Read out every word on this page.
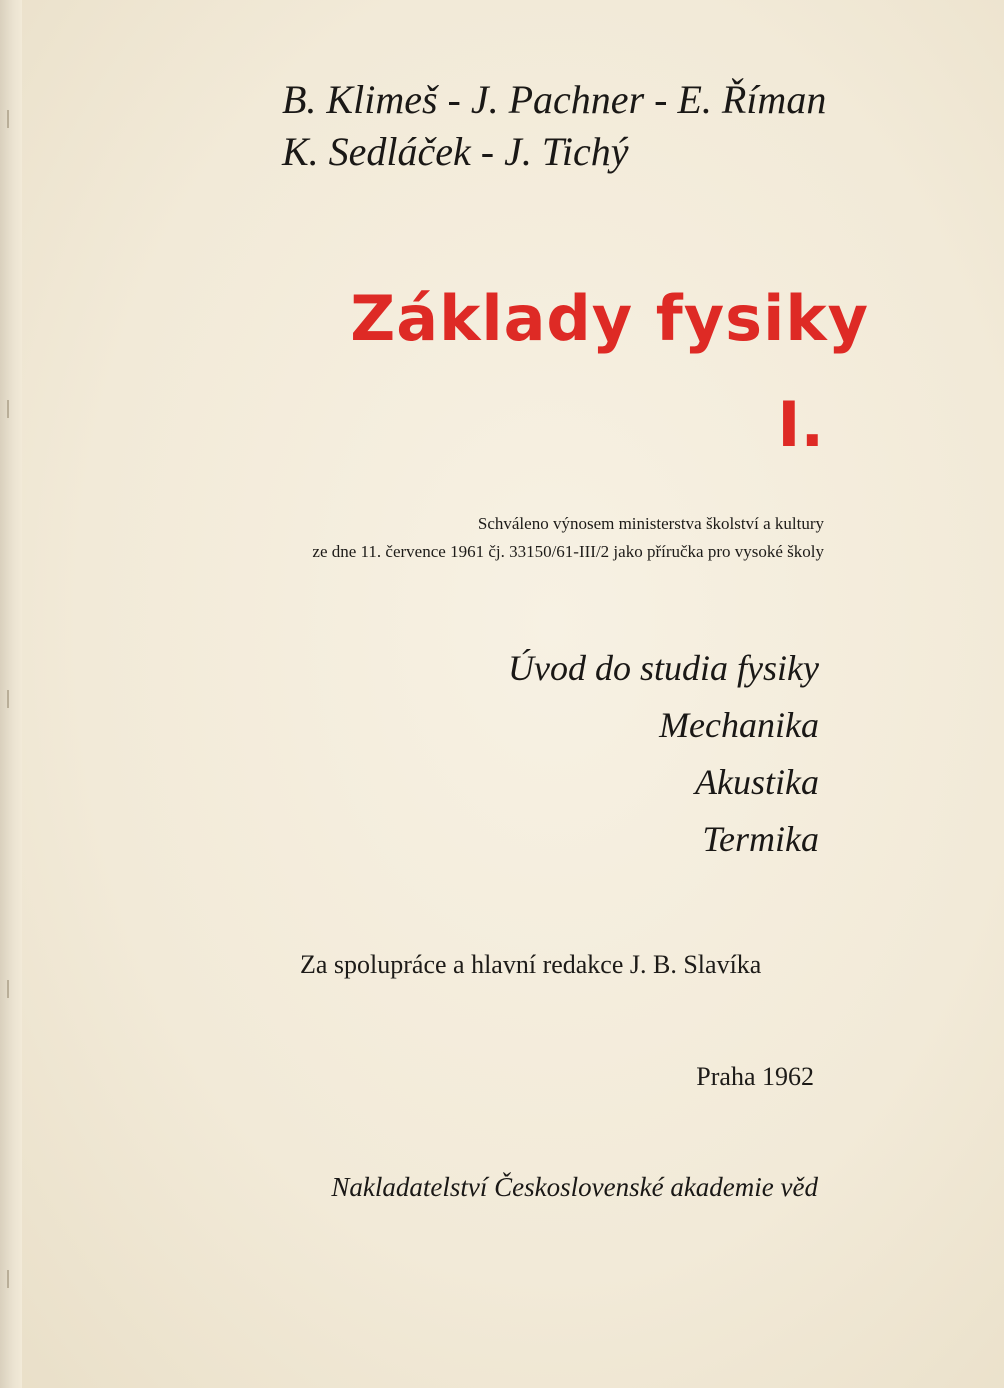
B. Klimeš - J. Pachner - E. Říman
K. Sedláček - J. Tichý
Základy fysiky
I.
Schváleno výnosem ministerstva školství a kultury
ze dne 11. července 1961 čj. 33150/61-III/2 jako příručka pro vysoké školy
Úvod do studia fysiky
Mechanika
Akustika
Termika
Za spolupráce a hlavní redakce J. B. Slavíka
Praha 1962
Nakladatelství Československé akademie věd
